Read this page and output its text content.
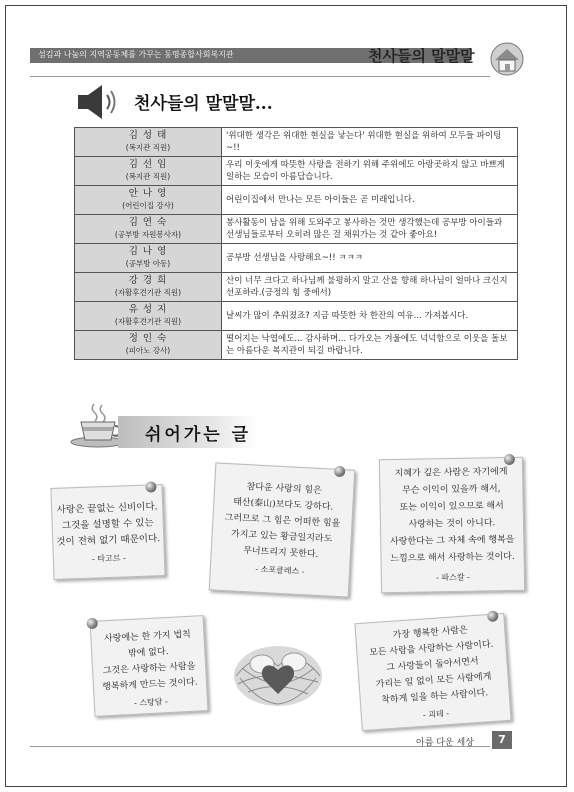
섬김과 나눔의 지역공동체를 가꾸는 동명종합사회복지관	천사들의 말말말
천사들의 말말말...
김 성 태
(복지관 직원)	'위대한 생각은 위대한 현실을 낳는다' 위대한 현실을 위하여 모두들 파이팅~!!

김 선 임
(복지관 직원)	우리 이웃에게 따뜻한 사랑을 전하기 위해 주위에도 아랑곳하지 않고 바쁘게 일하는 모습이 아름답습니다.

안 나 영
(어린이집 강사)	어린이집에서 만나는 모든 아이들은 곧 미래입니다.

김 연 숙
(공부방 자원봉사자)	봉사활동이 남을 위해 도와주고 봉사하는 것만 생각했는데 공부방 아이들과 선생님들로부터 오히려 많은 걸 채워가는 것 같아 좋아요!

김 나 영
(공부방 아동)	공부방 선생님을 사랑해요~!! ㅋㅋㅋ

강 경 희
(자활후견기관 직원)	산이 너무 크다고 하나님께 불평하지 말고 산을 향해 하나님이 얼마나 크신지 선포하라.(긍정의 힘 중에서)

유 성 지
(자활후견기관 직원)	날씨가 많이 추워졌죠? 지금 따뜻한 차 한잔의 여유... 가져봅시다.

정 인 숙
(피아노 강사)	떨어지는 낙엽에도... 감사하며... 다가오는 겨울에도 넉넉함으로 이웃을 돌보는 아름다운 복지관이 되길 바랍니다.
쉬어가는 글
사랑은 끝없는 신비이다.
그것을 설명할 수 있는
것이 전혀 없기 때문이다.
- 타고르 -
참다운 사랑의 힘은
태산(泰山)보다도 강하다.
그러므로 그 힘은 어떠한 힘을
가지고 있는 황금일지라도
무너뜨리지 못한다.
- 소포클레스 -
지혜가 깊은 사람은 자기에게
무슨 이익이 있을까 해서,
또는 이익이 있으므로 해서
사랑하는 것이 아니다.
사랑한다는 그 자체 속에 행복을
느낌으로 해서 사랑하는 것이다.
- 파스칼 -
사랑에는 한 가지 법칙
밖에 없다.
그것은 사랑하는 사람을
행복하게 만드는 것이다.
- 스탕달 -
가장 행복한 사람은
모든 사람을 사랑하는 사람이다.
그 사랑들이 돌아서면서
가리는 일 없이 모든 사람에게
착하게 일을 하는 사람이다.
- 괴테 -
아름 다운 세상	7
